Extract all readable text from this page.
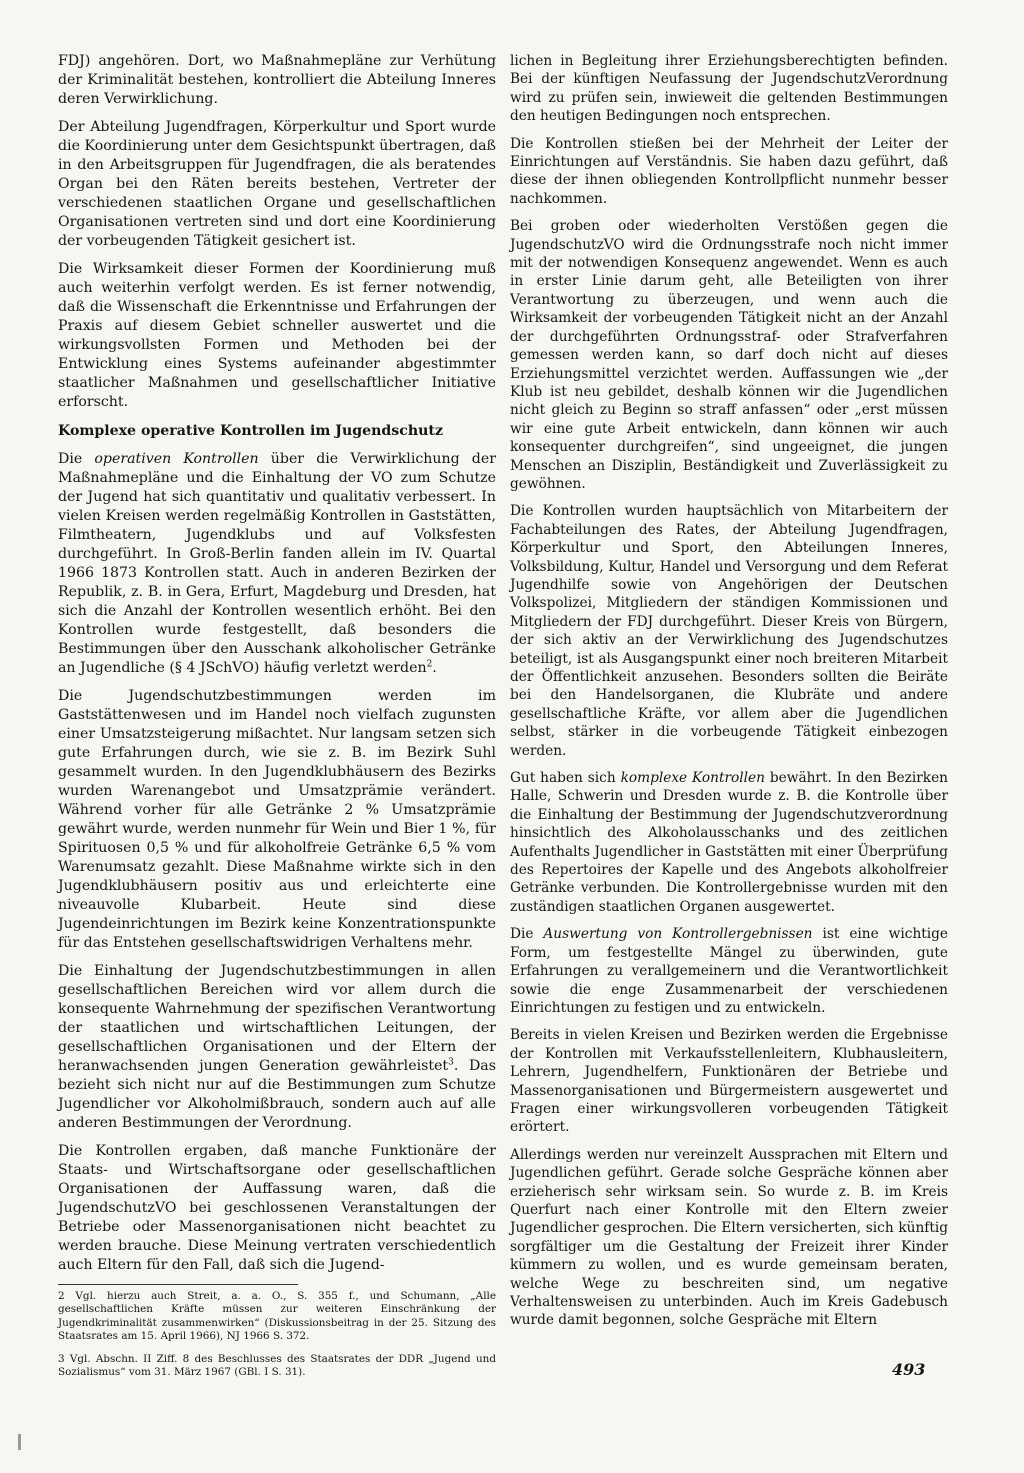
FDJ) angehören. Dort, wo Maßnahmepläne zur Verhütung der Kriminalität bestehen, kontrolliert die Abteilung Inneres deren Verwirklichung.

Der Abteilung Jugendfragen, Körperkultur und Sport wurde die Koordinierung unter dem Gesichtspunkt übertragen, daß in den Arbeitsgruppen für Jugendfragen, die als beratendes Organ bei den Räten bereits bestehen, Vertreter der verschiedenen staatlichen Organe und gesellschaftlichen Organisationen vertreten sind und dort eine Koordinierung der vorbeugenden Tätigkeit gesichert ist.

Die Wirksamkeit dieser Formen der Koordinierung muß auch weiterhin verfolgt werden. Es ist ferner notwendig, daß die Wissenschaft die Erkenntnisse und Erfahrungen der Praxis auf diesem Gebiet schneller auswertet und die wirkungsvollsten Formen und Methoden bei der Entwicklung eines Systems aufeinander abgestimmter staatlicher Maßnahmen und gesellschaftlicher Initiative erforscht.

Komplexe operative Kontrollen im Jugendschutz

Die operativen Kontrollen über die Verwirklichung der Maßnahmepläne und die Einhaltung der VO zum Schutze der Jugend hat sich quantitativ und qualitativ verbessert. In vielen Kreisen werden regelmäßig Kontrollen in Gaststätten, Filmtheatern, Jugendklubs und auf Volksfesten durchgeführt. In Groß-Berlin fanden allein im IV. Quartal 1966 1873 Kontrollen statt. Auch in anderen Bezirken der Republik, z. B. in Gera, Erfurt, Magdeburg und Dresden, hat sich die Anzahl der Kontrollen wesentlich erhöht. Bei den Kontrollen wurde festgestellt, daß besonders die Bestimmungen über den Ausschank alkoholischer Getränke an Jugendliche (§ 4 JSchVO) häufig verletzt werden$^2$.

Die Jugendschutzbestimmungen werden im Gaststättenwesen und im Handel noch vielfach zugunsten einer Umsatzsteigerung mißachtet. Nur langsam setzen sich gute Erfahrungen durch, wie sie z. B. im Bezirk Suhl gesammelt wurden. In den Jugendklubhäusern des Bezirks wurden Warenangebot und Umsatzprämie verändert. Während vorher für alle Getränke 2 % Umsatzprämie gewährt wurde, werden nunmehr für Wein und Bier 1 %, für Spirituosen 0,5 % und für alkoholfreie Getränke 6,5 % vom Warenumsatz gezahlt. Diese Maßnahme wirkte sich in den Jugendklubhäusern positiv aus und erleichterte eine niveauvolle Klubarbeit. Heute sind diese Jugendeinrichtungen im Bezirk keine Konzentrationspunkte für das Entstehen gesellschaftswidrigen Verhaltens mehr.

Die Einhaltung der Jugendschutzbestimmungen in allen gesellschaftlichen Bereichen wird vor allem durch die konsequente Wahrnehmung der spezifischen Verantwortung der staatlichen und wirtschaftlichen Leitungen, der gesellschaftlichen Organisationen und der Eltern der heranwachsenden jungen Generation gewährleistet$^3$. Das bezieht sich nicht nur auf die Bestimmungen zum Schutze Jugendlicher vor Alkoholmißbrauch, sondern auch auf alle anderen Bestimmungen der Verordnung.

Die Kontrollen ergaben, daß manche Funktionäre der Staats- und Wirtschaftsorgane oder gesellschaftlichen Organisationen der Auffassung waren, daß die JugendschutzVO bei geschlossenen Veranstaltungen der Betriebe oder Massenorganisationen nicht beachtet zu werden brauche. Diese Meinung vertraten verschiedentlich auch Eltern für den Fall, daß sich die Jugend-

2 Vgl. hierzu auch Streit, a. a. O., S. 355 f., und Schumann, „Alle gesellschaftlichen Kräfte müssen zur weiteren Einschränkung der Jugendkriminalität zusammenwirken“ (Diskussionsbeitrag in der 25. Sitzung des Staatsrates am 15. April 1966), NJ 1966 S. 372.

3 Vgl. Abschn. II Ziff. 8 des Beschlusses des Staatsrates der DDR „Jugend und Sozialismus“ vom 31. März 1967 (GBl. I S. 31).

lichen in Begleitung ihrer Erziehungsberechtigten befinden. Bei der künftigen Neufassung der JugendschutzVerordnung wird zu prüfen sein, inwieweit die geltenden Bestimmungen den heutigen Bedingungen noch entsprechen.

Die Kontrollen stießen bei der Mehrheit der Leiter der Einrichtungen auf Verständnis. Sie haben dazu geführt, daß diese der ihnen obliegenden Kontrollpflicht nunmehr besser nachkommen.

Bei groben oder wiederholten Verstößen gegen die JugendschutzVO wird die Ordnungsstrafe noch nicht immer mit der notwendigen Konsequenz angewendet. Wenn es auch in erster Linie darum geht, alle Beteiligten von ihrer Verantwortung zu überzeugen, und wenn auch die Wirksamkeit der vorbeugenden Tätigkeit nicht an der Anzahl der durchgeführten Ordnungsstraf- oder Strafverfahren gemessen werden kann, so darf doch nicht auf dieses Erziehungsmittel verzichtet werden. Auffassungen wie „der Klub ist neu gebildet, deshalb können wir die Jugendlichen nicht gleich zu Beginn so straff anfassen“ oder „erst müssen wir eine gute Arbeit entwickeln, dann können wir auch konsequenter durchgreifen“, sind ungeeignet, die jungen Menschen an Disziplin, Beständigkeit und Zuverlässigkeit zu gewöhnen.

Die Kontrollen wurden hauptsächlich von Mitarbeitern der Fachabteilungen des Rates, der Abteilung Jugendfragen, Körperkultur und Sport, den Abteilungen Inneres, Volksbildung, Kultur, Handel und Versorgung und dem Referat Jugendhilfe sowie von Angehörigen der Deutschen Volkspolizei, Mitgliedern der ständigen Kommissionen und Mitgliedern der FDJ durchgeführt. Dieser Kreis von Bürgern, der sich aktiv an der Verwirklichung des Jugendschutzes beteiligt, ist als Ausgangspunkt einer noch breiteren Mitarbeit der Öffentlichkeit anzusehen. Besonders sollten die Beiräte bei den Handelsorganen, die Klubräte und andere gesellschaftliche Kräfte, vor allem aber die Jugendlichen selbst, stärker in die vorbeugende Tätigkeit einbezogen werden.

Gut haben sich komplexe Kontrollen bewährt. In den Bezirken Halle, Schwerin und Dresden wurde z. B. die Kontrolle über die Einhaltung der Bestimmung der Jugendschutzverordnung hinsichtlich des Alkoholausschanks und des zeitlichen Aufenthalts Jugendlicher in Gaststätten mit einer Überprüfung des Repertoires der Kapelle und des Angebots alkoholfreier Getränke verbunden. Die Kontrollergebnisse wurden mit den zuständigen staatlichen Organen ausgewertet.

Die Auswertung von Kontrollergebnissen ist eine wichtige Form, um festgestellte Mängel zu überwinden, gute Erfahrungen zu verallgemeinern und die Verantwortlichkeit sowie die enge Zusammenarbeit der verschiedenen Einrichtungen zu festigen und zu entwickeln.

Bereits in vielen Kreisen und Bezirken werden die Ergebnisse der Kontrollen mit Verkaufsstellenleitern, Klubhausleitern, Lehrern, Jugendhelfern, Funktionären der Betriebe und Massenorganisationen und Bürgermeistern ausgewertet und Fragen einer wirkungsvolleren vorbeugenden Tätigkeit erörtert.

Allerdings werden nur vereinzelt Aussprachen mit Eltern und Jugendlichen geführt. Gerade solche Gespräche können aber erzieherisch sehr wirksam sein. So wurde z. B. im Kreis Querfurt nach einer Kontrolle mit den Eltern zweier Jugendlicher gesprochen. Die Eltern versicherten, sich künftig sorgfältiger um die Gestaltung der Freizeit ihrer Kinder kümmern zu wollen, und es wurde gemeinsam beraten, welche Wege zu beschreiten sind, um negative Verhaltensweisen zu unterbinden. Auch im Kreis Gadebusch wurde damit begonnen, solche Gespräche mit Eltern

493
